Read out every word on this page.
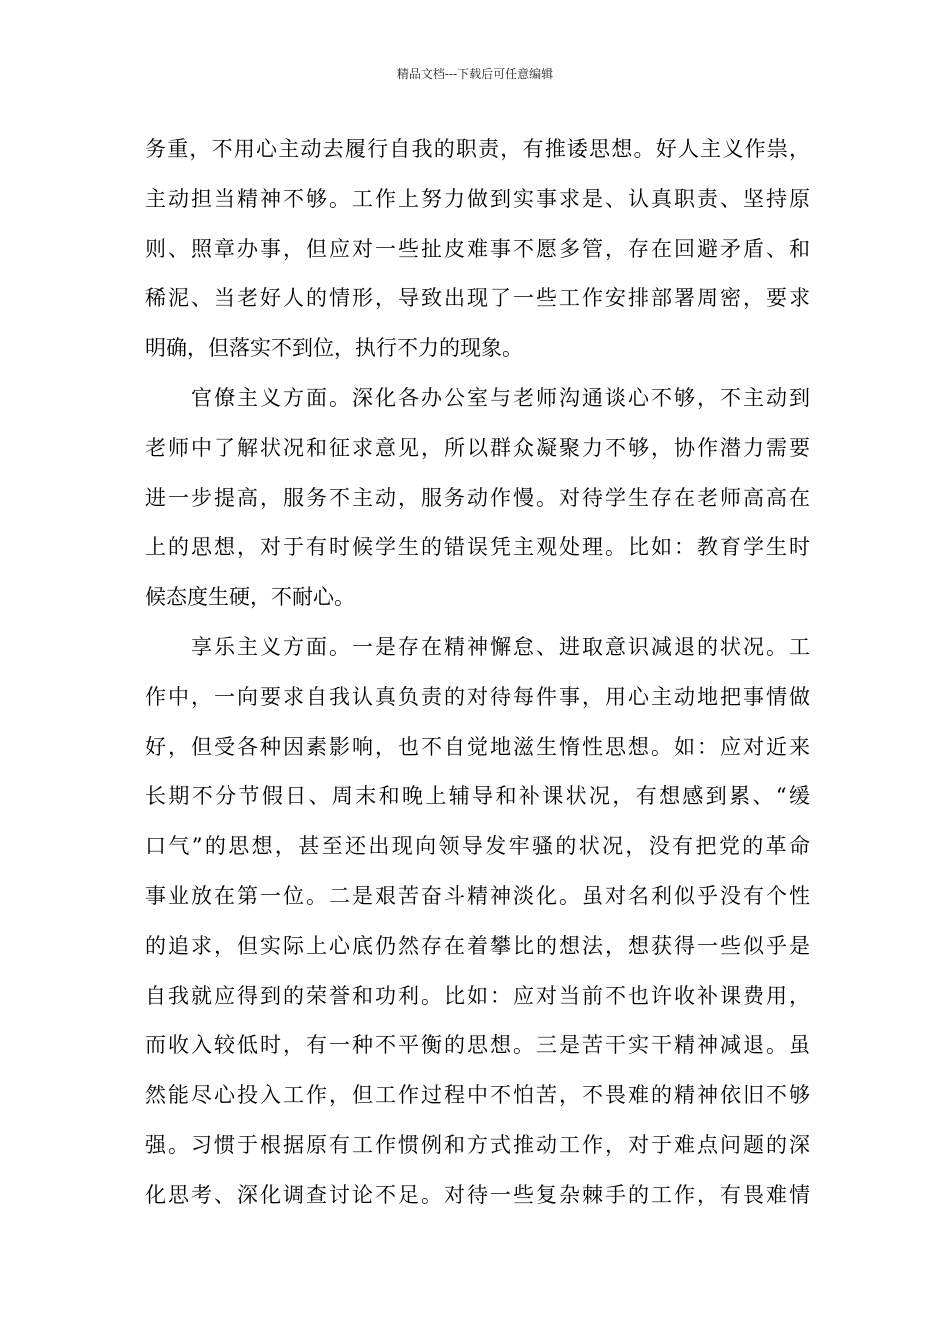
精品文档---下载后可任意编辑
务重，不用心主动去履行自我的职责，有推诿思想。好人主义作祟，
主动担当精神不够。工作上努力做到实事求是、认真职责、坚持原
则、照章办事，但应对一些扯皮难事不愿多管，存在回避矛盾、和
稀泥、当老好人的情形，导致出现了一些工作安排部署周密，要求
明确，但落实不到位，执行不力的现象。
　　官僚主义方面。深化各办公室与老师沟通谈心不够，不主动到
老师中了解状况和征求意见，所以群众凝聚力不够，协作潜力需要
进一步提高，服务不主动，服务动作慢。对待学生存在老师高高在
上的思想，对于有时候学生的错误凭主观处理。比如：教育学生时
候态度生硬，不耐心。
　　享乐主义方面。一是存在精神懈怠、进取意识减退的状况。工
作中，一向要求自我认真负责的对待每件事，用心主动地把事情做
好，但受各种因素影响，也不自觉地滋生惰性思想。如：应对近来
长期不分节假日、周末和晚上辅导和补课状况，有想感到累、“缓
口气”的思想，甚至还出现向领导发牢骚的状况，没有把党的革命
事业放在第一位。二是艰苦奋斗精神淡化。虽对名利似乎没有个性
的追求，但实际上心底仍然存在着攀比的想法，想获得一些似乎是
自我就应得到的荣誉和功利。比如：应对当前不也许收补课费用，
而收入较低时，有一种不平衡的思想。三是苦干实干精神减退。虽
然能尽心投入工作，但工作过程中不怕苦，不畏难的精神依旧不够
强。习惯于根据原有工作惯例和方式推动工作，对于难点问题的深
化思考、深化调查讨论不足。对待一些复杂棘手的工作，有畏难情
